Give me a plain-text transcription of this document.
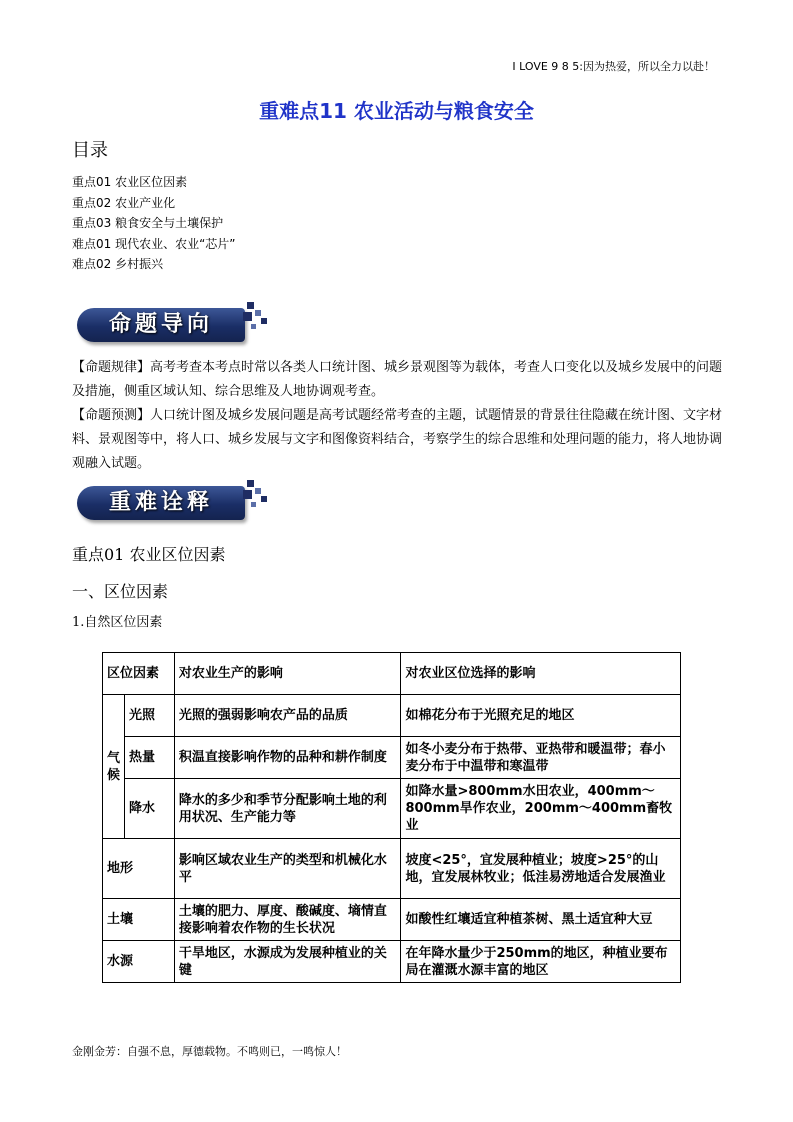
I LOVE 9 8 5:因为热爱，所以全力以赴！
重难点11 农业活动与粮食安全
目录
重点01 农业区位因素
重点02 农业产业化
重点03 粮食安全与土壤保护
难点01 现代农业、农业“芯片”
难点02 乡村振兴
命题导向
【命题规律】高考考查本考点时常以各类人口统计图、城乡景观图等为载体，考查人口变化以及城乡发展中的问题及措施，侧重区域认知、综合思维及人地协调观考查。
【命题预测】人口统计图及城乡发展问题是高考试题经常考查的主题，试题情景的背景往往隐藏在统计图、文字材料、景观图等中，将人口、城乡发展与文字和图像资料结合，考察学生的综合思维和处理问题的能力，将人地协调观融入试题。
重难诠释
重点01 农业区位因素
一、区位因素
1.自然区位因素
区位因素		对农业生产的影响	对农业区位选择的影响
气候	光照	光照的强弱影响农产品的品质	如棉花分布于光照充足的地区
	热量	积温直接影响作物的品种和耕作制度	如冬小麦分布于热带、亚热带和暖温带；春小麦分布于中温带和寒温带
	降水	降水的多少和季节分配影响土地的利用状况、生产能力等	如降水量>800mm水田农业，400mm～800mm旱作农业，200mm～400mm畜牧业
地形		影响区域农业生产的类型和机械化水平	坡度<25°，宜发展种植业；坡度>25°的山地，宜发展林牧业；低洼易涝地适合发展渔业
土壤		土壤的肥力、厚度、酸碱度、墒情直接影响着农作物的生长状况	如酸性红壤适宜种植茶树、黑土适宜种大豆
水源		干旱地区，水源成为发展种植业的关键	在年降水量少于250mm的地区，种植业要布局在灌溉水源丰富的地区
金刚金芳：自强不息，厚德载物。不鸣则已，一鸣惊人！
